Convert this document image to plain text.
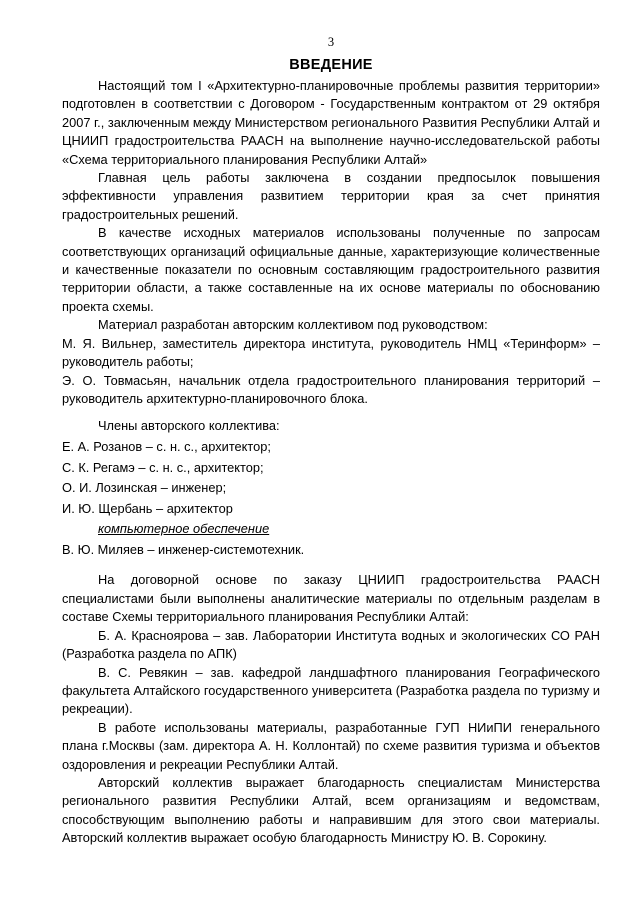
3
ВВЕДЕНИЕ

Настоящий том I «Архитектурно-планировочные проблемы развития территории» подготовлен в соответствии с Договором - Государственным контрактом от 29 октября 2007 г., заключенным между Министерством регионального Развития Республики Алтай и ЦНИИП градостроительства РААСН на выполнение научно-исследовательской работы «Схема территориального планирования Республики Алтай»

Главная цель работы заключена в создании предпосылок повышения эффективности управления развитием территории края за счет принятия градостроительных решений.

В качестве исходных материалов использованы полученные по запросам соответствующих организаций официальные данные, характеризующие количественные и качественные показатели по основным составляющим градостроительного развития территории области, а также составленные на их основе материалы по обоснованию проекта схемы.

Материал разработан авторским коллективом под руководством:

М. Я. Вильнер, заместитель директора института, руководитель НМЦ «Теринформ» – руководитель работы;

Э. О. Товмасьян, начальник отдела градостроительного планирования территорий – руководитель архитектурно-планировочного блока.

Члены авторского коллектива:

Е. А. Розанов – с. н. с., архитектор;

С. К. Регамэ – с. н. с., архитектор;

О. И. Лозинская – инженер;

И. Ю. Щербань – архитектор

компьютерное обеспечение

В. Ю. Миляев – инженер-системотехник.

На договорной основе по заказу ЦНИИП градостроительства РААСН специалистами были выполнены аналитические материалы по отдельным разделам в составе Схемы территориального планирования Республики Алтай:

Б. А. Красноярова – зав. Лаборатории Института водных и экологических СО РАН (Разработка раздела по АПК)

В. С. Ревякин – зав. кафедрой ландшафтного планирования Географического факультета Алтайского государственного университета (Разработка раздела по туризму и рекреации).

В работе использованы материалы, разработанные ГУП НИиПИ генерального плана г.Москвы (зам. директора А. Н. Коллонтай) по схеме развития туризма и объектов оздоровления и рекреации Республики Алтай.

Авторский коллектив выражает благодарность специалистам Министерства регионального развития Республики Алтай, всем организациям и ведомствам, способствующим выполнению работы и направившим для этого свои материалы. Авторский коллектив выражает особую благодарность Министру Ю. В. Сорокину.
